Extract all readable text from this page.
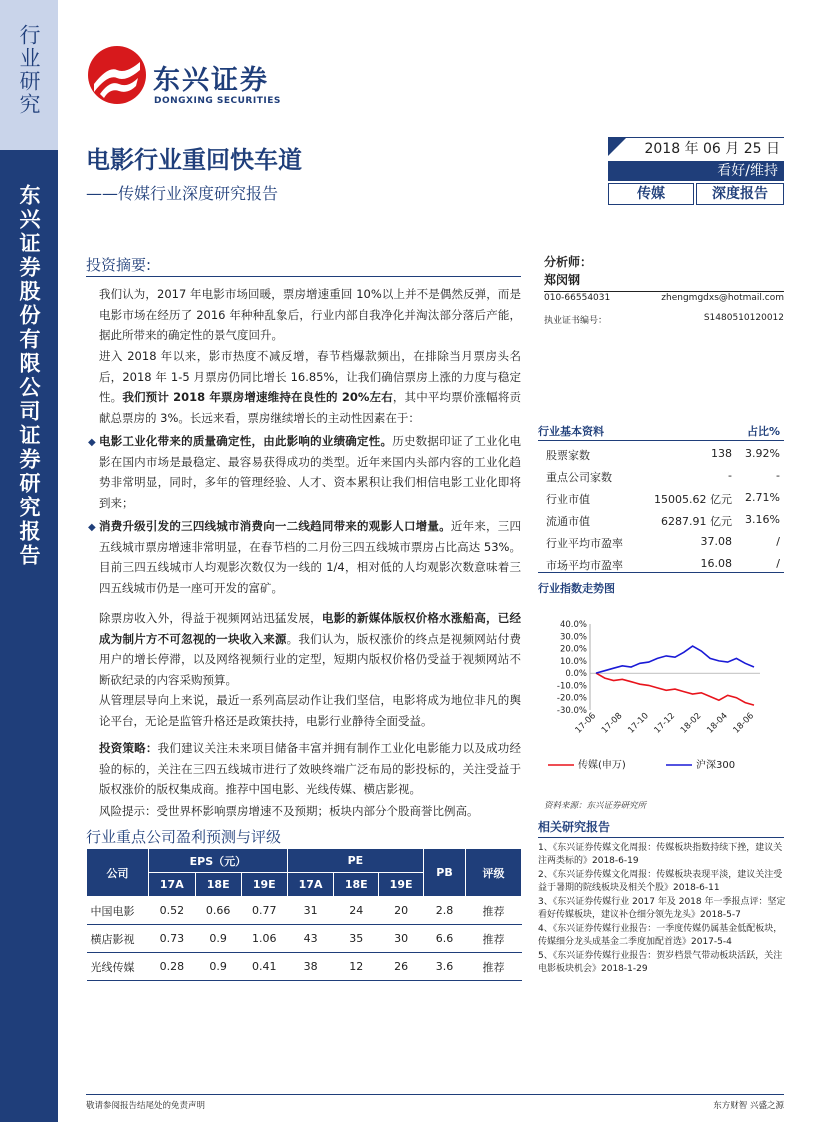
行业研究
东兴证券股份有限公司证券研究报告
东兴证券
DONGXING SECURITIES
电影行业重回快车道
——传媒行业深度研究报告
2018 年 06 月 25 日
看好/维持
传媒	深度报告
投资摘要:
我们认为，2017 年电影市场回暖，票房增速重回 10%以上并不是偶然反弹，而是电影市场在经历了 2016 年种种乱象后，行业内部自我净化并淘汰部分落后产能，据此所带来的确定性的景气度回升。
进入 2018 年以来，影市热度不减反增，春节档爆款频出，在排除当月票房头名后，2018 年 1-5 月票房仍同比增长 16.85%，让我们确信票房上涨的力度与稳定性。我们预计 2018 年票房增速维持在良性的 20%左右，其中平均票价涨幅将贡献总票房的 3%。长远来看，票房继续增长的主动性因素在于：
◆ 电影工业化带来的质量确定性，由此影响的业绩确定性。历史数据印证了工业化电影在国内市场是最稳定、最容易获得成功的类型。近年来国内头部内容的工业化趋势非常明显，同时，多年的管理经验、人才、资本累积让我们相信电影工业化即将到来；
◆ 消费升级引发的三四线城市消费向一二线趋同带来的观影人口增量。近年来，三四五线城市票房增速非常明显，在春节档的二月份三四五线城市票房占比高达 53%。目前三四五线城市人均观影次数仅为一线的 1/4，相对低的人均观影次数意味着三四五线城市仍是一座可开发的富矿。
除票房收入外，得益于视频网站迅猛发展，电影的新媒体版权价格水涨船高，已经成为制片方不可忽视的一块收入来源。我们认为，版权涨价的终点是视频网站付费用户的增长停滞，以及网络视频行业的定型，短期内版权价格仍受益于视频网站不断砍纪录的内容采购预算。
从管理层导向上来说，最近一系列高层动作让我们坚信，电影将成为地位非凡的舆论平台，无论是监管升格还是政策扶持，电影行业静待全面受益。
投资策略：我们建议关注未来项目储备丰富并拥有制作工业化电影能力以及成功经验的标的，关注在三四五线城市进行了效映终端广泛布局的影投标的，关注受益于版权涨价的版权集成商。推荐中国电影、光线传媒、横店影视。
风险提示：受世界杯影响票房增速不及预期；板块内部分个股商誉比例高。
分析师：
郑闵钢
010-66554031	zhengmgdxs@hotmail.com
执业证书编号：	S1480510120012
行业基本资料	占比%
股票家数	138 3.92%
重点公司家数	-	-
行业市值	15005.62 亿元 2.71%
流通市值	6287.91 亿元 3.16%
行业平均市盈率	37.08	/
市场平均市盈率	16.08	/
行业指数走势图
40.0%
30.0%
20.0%
10.0%
0.0%
-10.0%
-20.0%
-30.0%
17-06 17-08 17-10 17-12 18-02 18-04 18-06
传媒(申万)	沪深300
资料来源：东兴证券研究所
相关研究报告
1、《东兴证券传媒文化周报：传媒板块指数持续下挫，建议关注两类标的》2018-6-19
2、《东兴证券传媒文化周报：传媒板块表现平淡，建议关注受益于暑期的院线板块及相关个股》2018-6-11
3、《东兴证券传媒行业 2017 年及 2018 年一季报点评：坚定看好传媒板块，建议补仓细分领先龙头》2018-5-7
4、《东兴证券传媒行业报告：一季度传媒仍属基金低配板块，传媒细分龙头成基金二季度加配首选》2017-5-4
5、《东兴证券传媒行业报告：贺岁档景气带动板块活跃，关注电影板块机会》2018-1-29
行业重点公司盈利预测与评级
公司	EPS（元）			PE			PB	评级
	17A	18E	19E	17A	18E	19E		
中国电影	0.52	0.66	0.77	31	24	20	2.8	推荐
横店影视	0.73	0.9	1.06	43	35	30	6.6	推荐
光线传媒	0.28	0.9	0.41	38	12	26	3.6	推荐
敬请参阅报告结尾处的免责声明	东方财智 兴盛之源
